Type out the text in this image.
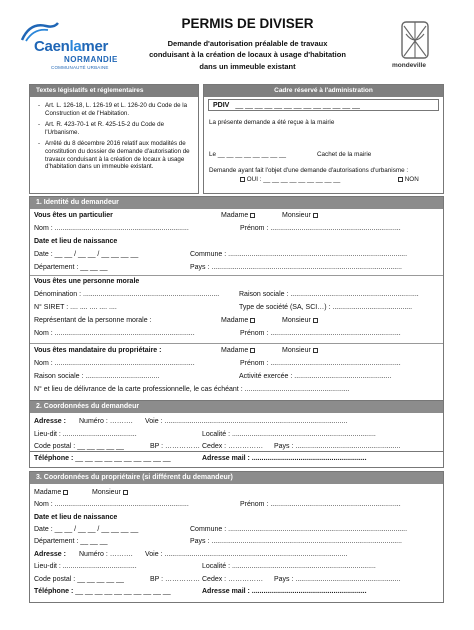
Caenlamer
NORMANDIE
COMMUNAUTÉ URBAINE
PERMIS DE DIVISER
Demande d'autorisation préalable de travaux
conduisant à la création de locaux à usage d'habitation
dans un immeuble existant	mondeville
Textes législatifs et réglementaires
- Art. L. 126-18, L. 126-19 et L. 126-20 du Code de la Construction et de l'Habitation.
- Art. R. 423-70-1 et R. 425-15-2 du Code de l'Urbanisme.
- Arrêté du 8 décembre 2016 relatif aux modalités de constitution du dossier de demande d'autorisation de travaux conduisant à la création de locaux à usage d'habitation dans un immeuble existant.
Cadre réservé à l'administration
PDIV __ __ __ __ __ __ __ __ __ __ __ __ __
La présente demande a été reçue à la mairie
Le __ __ __ __ __ __ __ __	Cachet de la mairie
Demande ayant fait l'objet d'une demande d'autorisations d'urbanisme :
OUI : __ __ __ __ __ __ __ __ __	NON
1. Identité du demandeur
Vous êtes un particulier	Madame	Monsieur
Nom : .....................................................................	Prénom : ...................................................................
Date et lieu de naissance
Date : __ __ / __ __ / __ __ __ __	Commune : ............................................................................................
Département : __ __ __	Pays : ..................................................................................................
Vous êtes une personne morale
Dénomination : ......................................................................	Raison sociale : ..................................................................
N° SIRET : .... .... .... .... ....	Type de société (SA, SCI…) : .........................................
Représentant de la personne morale :	Madame	Monsieur
Nom : ........................................................................	Prénom : ...................................................................
Vous êtes mandataire du propriétaire :	Madame	Monsieur
Nom : ........................................................................	Prénom : ...................................................................
Raison sociale : ......................................	Activité exercée : ..................................................
N° et lieu de délivrance de la carte professionnelle, le cas échéant : ......................................................
2. Coordonnées du demandeur
Adresse : Numéro : ………. Voie : ..............................................................................................
Lieu-dit : ......................................	Localité : ..........................................................................
Code postal : __ __ __ __ __	BP : …………… Cedex : …………… Pays : ......................................................
Téléphone : __ __ __ __ __ __ __ __ __ __	Adresse mail : ...........................................................
3. Coordonnées du propriétaire (si différent du demandeur)
Madame	Monsieur
Nom : .....................................................................	Prénom : ...................................................................
Date et lieu de naissance
Date : __ __ / __ __ / __ __ __ __	Commune : ............................................................................................
Département : __ __ __	Pays : ..................................................................................................
Adresse : Numéro : ………. Voie : ..............................................................................................
Lieu-dit : ......................................	Localité : ..........................................................................
Code postal : __ __ __ __ __	BP : …………… Cedex : …………… Pays : ......................................................
Téléphone : __ __ __ __ __ __ __ __ __ __	Adresse mail : ...........................................................
